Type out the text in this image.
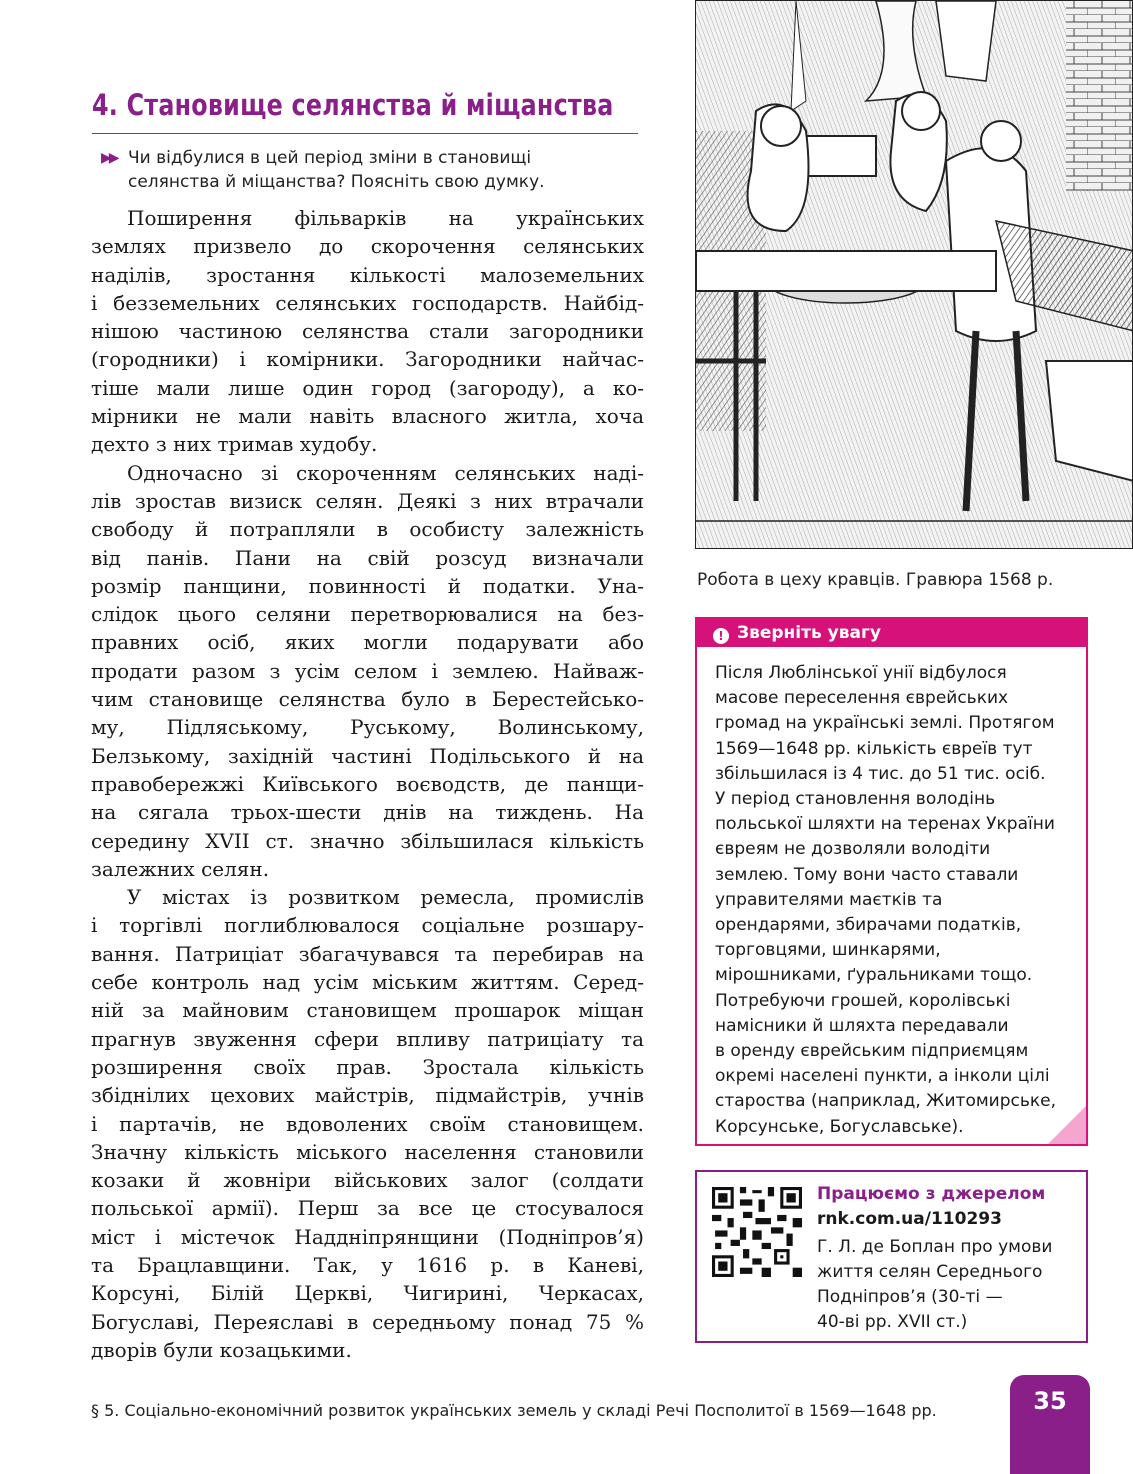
4. Становище селянства й міщанства
▶▶ Чи відбулися в цей період зміни в становищі
селянства й міщанства? Поясніть свою думку.
Поширення фільварків на українських
землях призвело до скорочення селянських
наділів, зростання кількості малоземельних
і безземельних селянських господарств. Найбід-
нішою частиною селянства стали загородники
(городники) і комірники. Загородники найчас-
тіше мали лише один город (загороду), а ко-
мірники не мали навіть власного житла, хоча
дехто з них тримав худобу.
Одночасно зі скороченням селянських наді-
лів зростав визиск селян. Деякі з них втрачали
свободу й потрапляли в особисту залежність
від панів. Пани на свій розсуд визначали
розмір панщини, повинності й податки. Уна-
слідок цього селяни перетворювалися на без-
правних осіб, яких могли подарувати або
продати разом з усім селом і землею. Найваж-
чим становище селянства було в Берестейсько-
му, Підляському, Руському, Волинському,
Белзькому, західній частині Подільського й на
правобережжі Київського воєводств, де панщи-
на сягала трьох-шести днів на тиждень. На
середину XVII ст. значно збільшилася кількість
залежних селян.
У містах із розвитком ремесла, промислів
і торгівлі поглиблювалося соціальне розшару-
вання. Патриціат збагачувався та перебирав на
себе контроль над усім міським життям. Серед-
ній за майновим становищем прошарок міщан
прагнув звуження сфери впливу патриціату та
розширення своїх прав. Зростала кількість
збіднілих цехових майстрів, підмайстрів, учнів
і партачів, не вдоволених своїм становищем.
Значну кількість міського населення становили
козаки й жовніри військових залог (солдати
польської армії). Перш за все це стосувалося
міст і містечок Наддніпрянщини (Подніпров’я)
та Брацлавщини. Так, у 1616 р. в Каневі,
Корсуні, Білій Церкві, Чигирині, Черкасах,
Богуславі, Переяславі в середньому понад 75 %
дворів були козацькими.
Робота в цеху кравців. Гравюра 1568 р.
! Зверніть увагу
Після Люблінської унії відбулося
масове переселення єврейських
громад на українські землі. Протягом
1569—1648 рр. кількість євреїв тут
збільшилася із 4 тис. до 51 тис. осіб.
У період становлення володінь
польської шляхти на теренах України
євреям не дозволяли володіти
землею. Тому вони часто ставали
управителями маєтків та
орендарями, збирачами податків,
торговцями, шинкарями,
мірошниками, ґуральниками тощо.
Потребуючи грошей, королівські
намісники й шляхта передавали
в оренду єврейським підприємцям
окремі населені пункти, а інколи цілі
староства (наприклад, Житомирське,
Корсунське, Богуславське).
Працюємо з джерелом
rnk.com.ua/110293
Г. Л. де Боплан про умови
життя селян Середнього
Подніпров’я (30-ті —
40-ві рр. XVII ст.)
§ 5. Соціально-економічний розвиток українських земель у складі Речі Посполитої в 1569—1648 рр.	35
